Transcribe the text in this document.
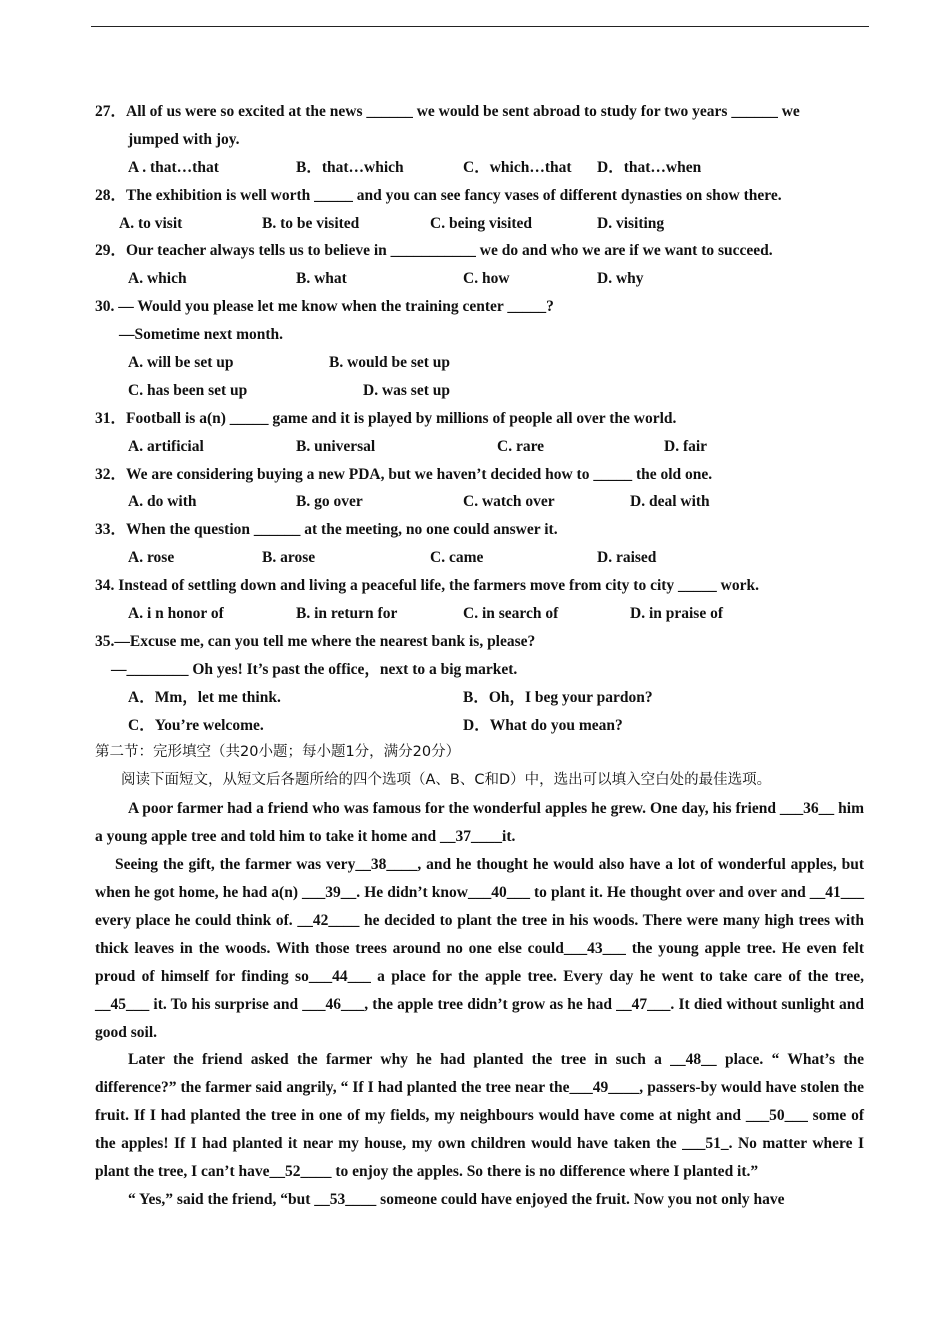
27．All of us were so excited at the news ______ we would be sent abroad to study for two years ______ we
jumped with joy.
A . that…that	B．that…which	C．which…that D．that…when
28．The exhibition is well worth _____ and you can see fancy vases of different dynasties on show there.
A. to visit	B. to be visited	C. being visited	D. visiting
29．Our teacher always tells us to believe in ___________ we do and who we are if we want to succeed.
A. which	B. what	C. how	D. why
30. — Would you please let me know when the training center _____?
—Sometime next month.
A. will be set up	B. would be set up
C. has been set up	D. was set up
31．Football is a(n) _____ game and it is played by millions of people all over the world.
A. artificial	B. universal	C. rare	D. fair
32．We are considering buying a new PDA, but we haven’t decided how to _____ the old one.
A. do with	B. go over	C. watch over	D. deal with
33．When the question ______ at the meeting, no one could answer it.
A. rose	B. arose	C. came	D. raised
34. Instead of settling down and living a peaceful life, the farmers move from city to city _____ work.
A. i n honor of	B. in return for	C. in search of	D. in praise of
35.—Excuse me, can you tell me where the nearest bank is, please?
—________ Oh yes! It’s past the office，next to a big market.
A．Mm，let me think.	B．Oh，I beg your pardon?
C．You’re welcome.	D．What do you mean?
第二节：完形填空（共20小题；每小题1分，满分20分）
阅读下面短文，从短文后各题所给的四个选项（A、B、C和D）中，选出可以填入空白处的最佳选项。
A poor farmer had a friend who was famous for the wonderful apples he grew. One day, his friend ___36__ him a young apple tree and told him to take it home and __37____it.
Seeing the gift, the farmer was very__38____, and he thought he would also have a lot of wonderful apples, but when he got home, he had a(n) ___39__. He didn’t know___40___ to plant it. He thought over and over and __41___ every place he could think of. __42____ he decided to plant the tree in his woods. There were many high trees with thick leaves in the woods. With those trees around no one else could___43___ the young apple tree. He even felt proud of himself for finding so___44___ a place for the apple tree. Every day he went to take care of the tree, __45___ it. To his surprise and ___46___, the apple tree didn’t grow as he had __47___. It died without sunlight and good soil.
Later the friend asked the farmer why he had planted the tree in such a __48__ place. “ What’s the difference?” the farmer said angrily, “ If I had planted the tree near the___49____, passers-by would have stolen the fruit. If I had planted the tree in one of my fields, my neighbours would have come at night and ___50___ some of the apples! If I had planted it near my house, my own children would have taken the ___51_. No matter where I plant the tree, I can’t have__52____ to enjoy the apples. So there is no difference where I planted it.”
“ Yes,” said the friend, “but __53____ someone could have enjoyed the fruit. Now you not only have
